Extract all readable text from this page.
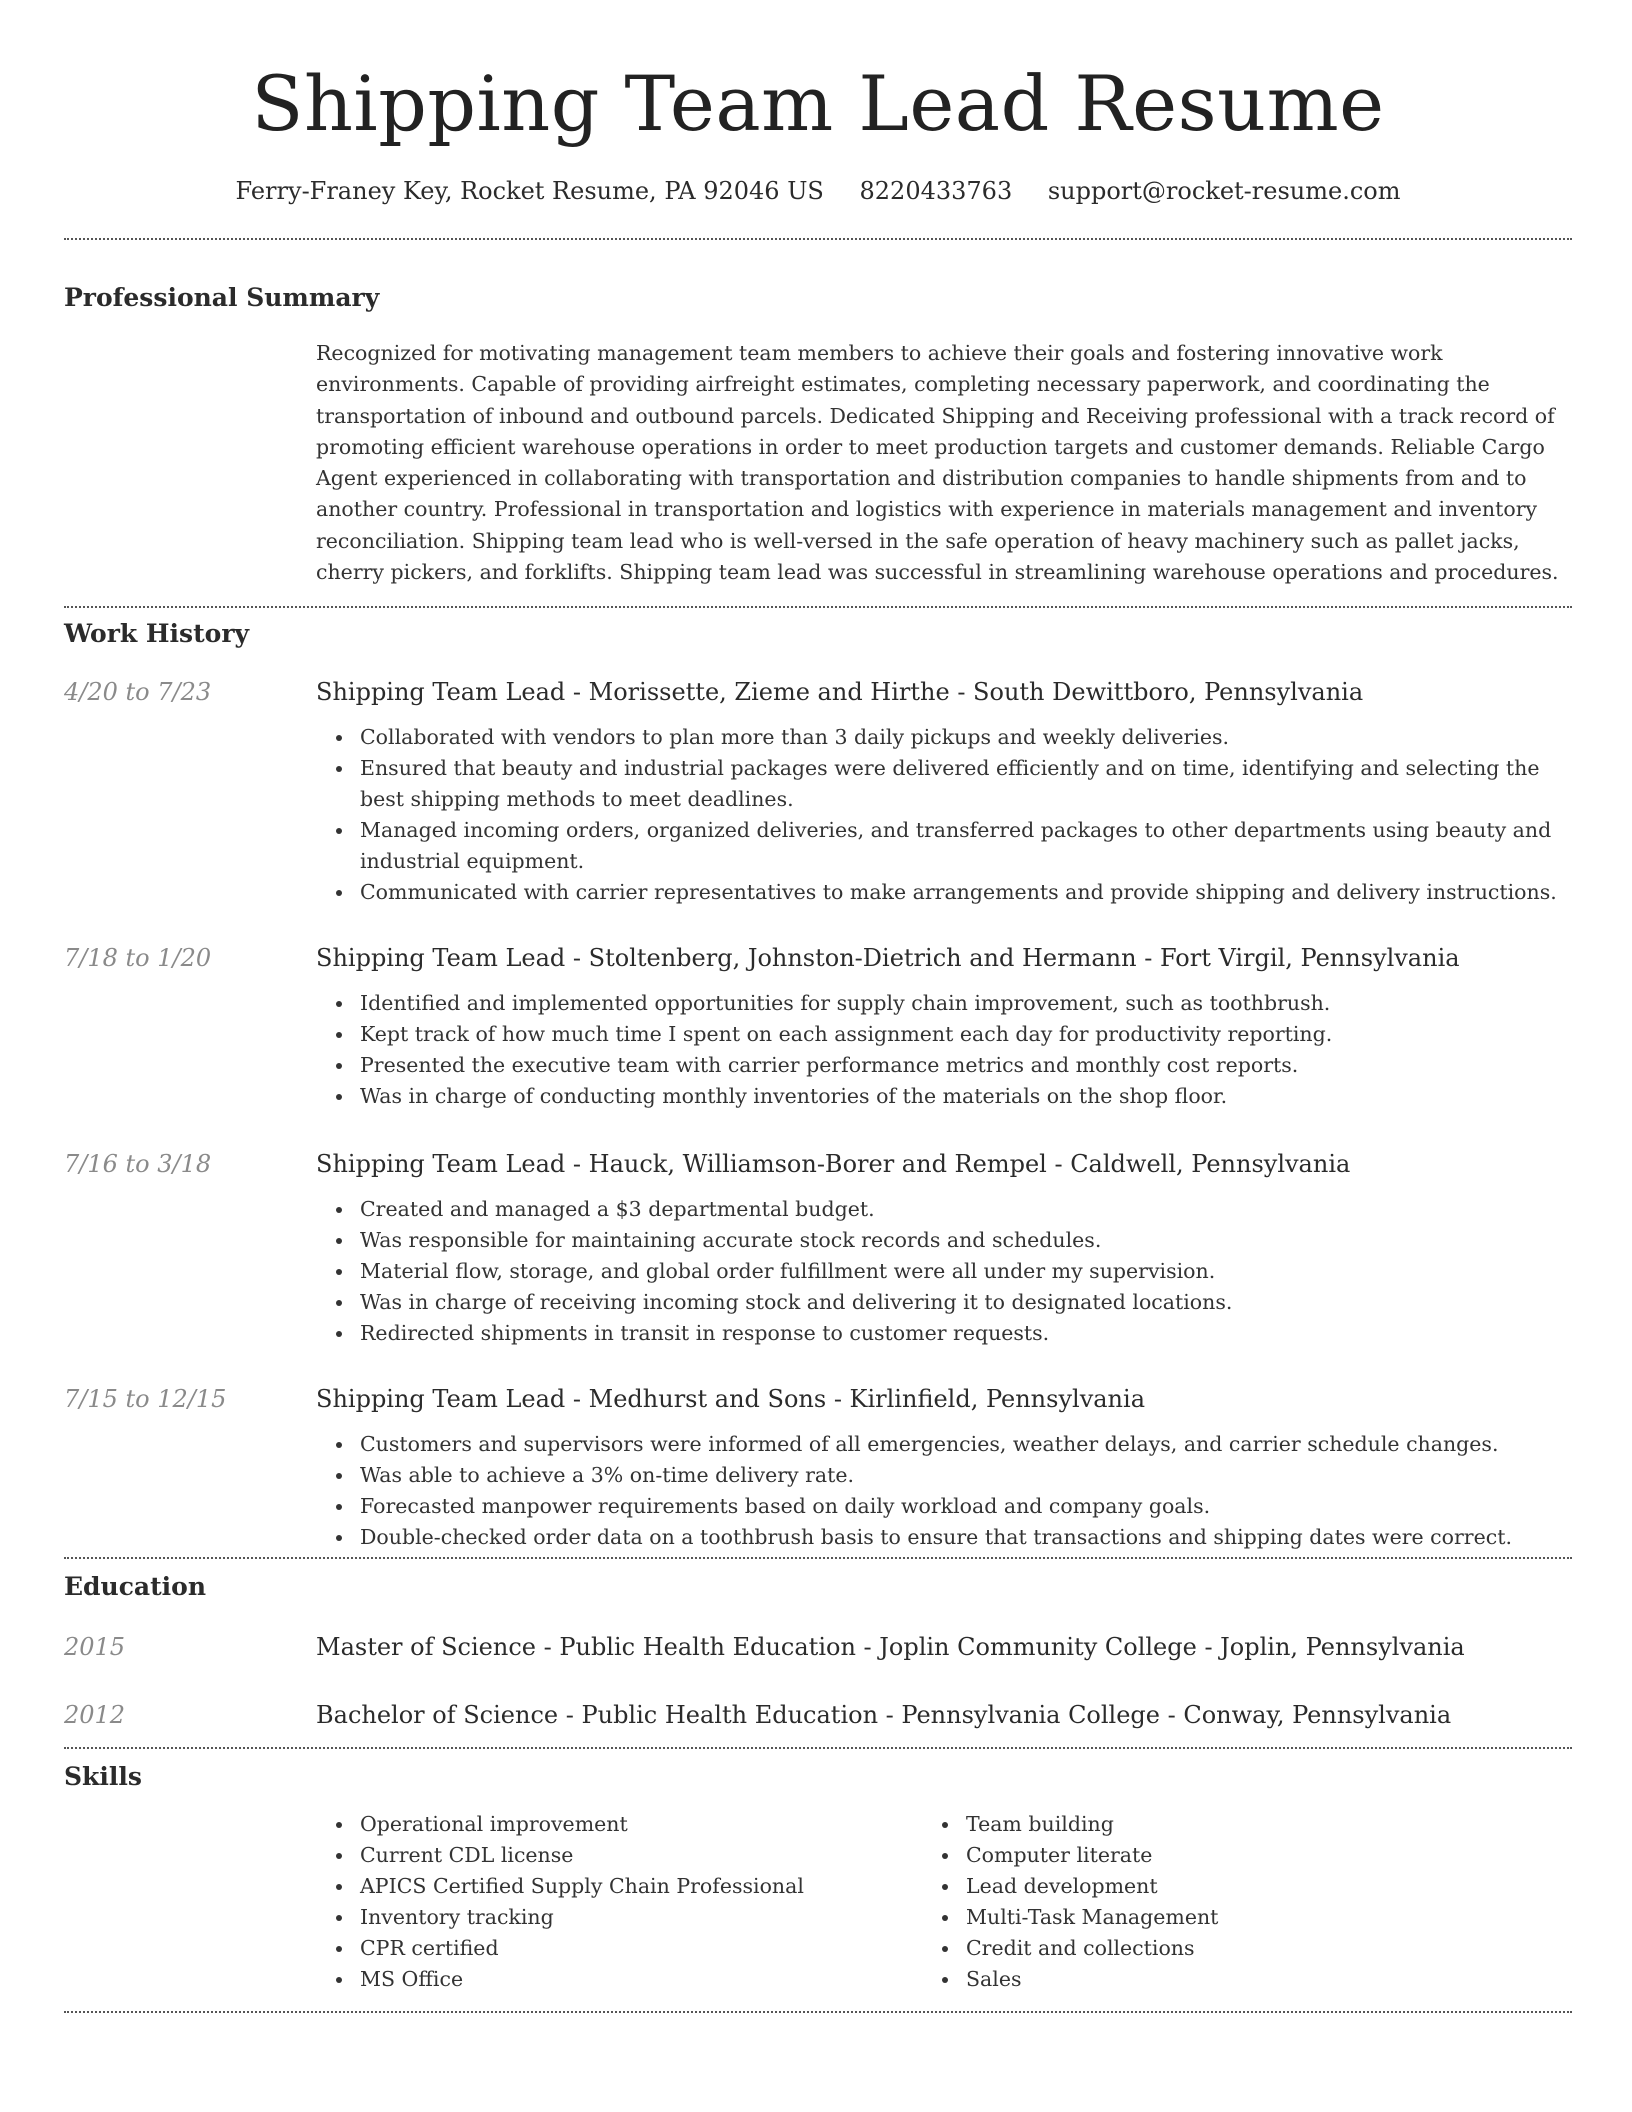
Shipping Team Lead Resume
Ferry-Franey Key, Rocket Resume, PA 92046 US 8220433763 support@rocket-resume.com
Professional Summary
Recognized for motivating management team members to achieve their goals and fostering innovative work environments. Capable of providing airfreight estimates, completing necessary paperwork, and coordinating the transportation of inbound and outbound parcels. Dedicated Shipping and Receiving professional with a track record of promoting efficient warehouse operations in order to meet production targets and customer demands. Reliable Cargo Agent experienced in collaborating with transportation and distribution companies to handle shipments from and to another country. Professional in transportation and logistics with experience in materials management and inventory reconciliation. Shipping team lead who is well-versed in the safe operation of heavy machinery such as pallet jacks, cherry pickers, and forklifts. Shipping team lead was successful in streamlining warehouse operations and procedures.
Work History
4/20 to 7/23	Shipping Team Lead - Morissette, Zieme and Hirthe - South Dewittboro, Pennsylvania
Collaborated with vendors to plan more than 3 daily pickups and weekly deliveries.
Ensured that beauty and industrial packages were delivered efficiently and on time, identifying and selecting the best shipping methods to meet deadlines.
Managed incoming orders, organized deliveries, and transferred packages to other departments using beauty and industrial equipment.
Communicated with carrier representatives to make arrangements and provide shipping and delivery instructions.
7/18 to 1/20	Shipping Team Lead - Stoltenberg, Johnston-Dietrich and Hermann - Fort Virgil, Pennsylvania
Identified and implemented opportunities for supply chain improvement, such as toothbrush.
Kept track of how much time I spent on each assignment each day for productivity reporting.
Presented the executive team with carrier performance metrics and monthly cost reports.
Was in charge of conducting monthly inventories of the materials on the shop floor.
7/16 to 3/18	Shipping Team Lead - Hauck, Williamson-Borer and Rempel - Caldwell, Pennsylvania
Created and managed a $3 departmental budget.
Was responsible for maintaining accurate stock records and schedules.
Material flow, storage, and global order fulfillment were all under my supervision.
Was in charge of receiving incoming stock and delivering it to designated locations.
Redirected shipments in transit in response to customer requests.
7/15 to 12/15	Shipping Team Lead - Medhurst and Sons - Kirlinfield, Pennsylvania
Customers and supervisors were informed of all emergencies, weather delays, and carrier schedule changes.
Was able to achieve a 3% on-time delivery rate.
Forecasted manpower requirements based on daily workload and company goals.
Double-checked order data on a toothbrush basis to ensure that transactions and shipping dates were correct.
Education
2015	Master of Science - Public Health Education - Joplin Community College - Joplin, Pennsylvania
2012	Bachelor of Science - Public Health Education - Pennsylvania College - Conway, Pennsylvania
Skills
Operational improvement
Current CDL license
APICS Certified Supply Chain Professional
Inventory tracking
CPR certified
MS Office
Team building
Computer literate
Lead development
Multi-Task Management
Credit and collections
Sales
